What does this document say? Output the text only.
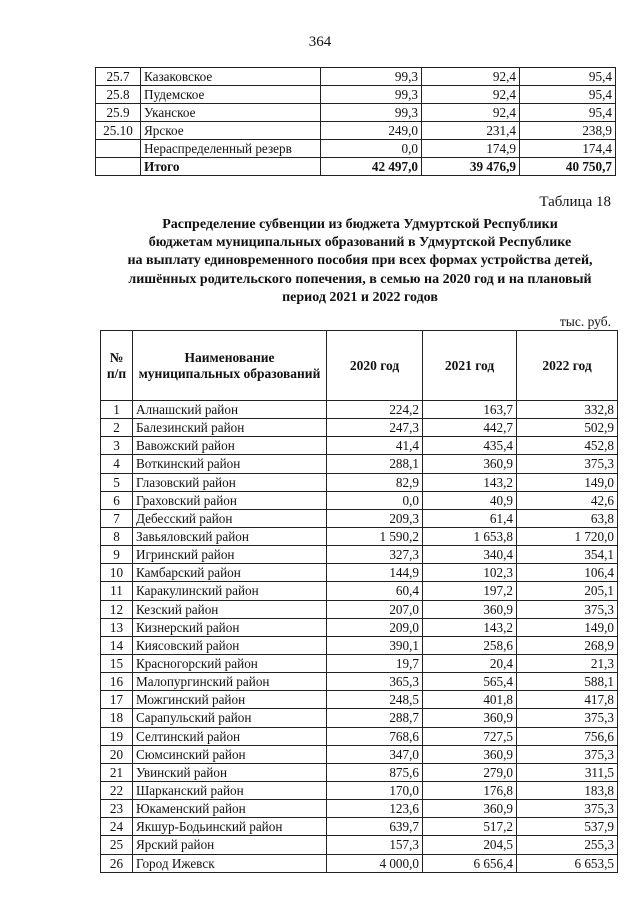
364
25.7	Казаковское	99,3	92,4	95,4
25.8	Пудемское	99,3	92,4	95,4
25.9	Уканское	99,3	92,4	95,4
25.10	Ярское	249,0	231,4	238,9
	Нераспределенный резерв	0,0	174,9	174,4
	Итого	42 497,0	39 476,9	40 750,7
Таблица 18
Распределение субвенции из бюджета Удмуртской Республики
бюджетам муниципальных образований в Удмуртской Республике
на выплату единовременного пособия при всех формах устройства детей,
лишённых родительского попечения, в семью на 2020 год и на плановый
период 2021 и 2022 годов
тыс. руб.
№ п/п	Наименование муниципальных образований	2020 год	2021 год	2022 год
1	Алнашский район	224,2	163,7	332,8
2	Балезинский район	247,3	442,7	502,9
3	Вавожский район	41,4	435,4	452,8
4	Воткинский район	288,1	360,9	375,3
5	Глазовский район	82,9	143,2	149,0
6	Граховский район	0,0	40,9	42,6
7	Дебесский район	209,3	61,4	63,8
8	Завьяловский район	1 590,2	1 653,8	1 720,0
9	Игринский район	327,3	340,4	354,1
10	Камбарский район	144,9	102,3	106,4
11	Каракулинский район	60,4	197,2	205,1
12	Кезский район	207,0	360,9	375,3
13	Кизнерский район	209,0	143,2	149,0
14	Киясовский район	390,1	258,6	268,9
15	Красногорский район	19,7	20,4	21,3
16	Малопургинский район	365,3	565,4	588,1
17	Можгинский район	248,5	401,8	417,8
18	Сарапульский район	288,7	360,9	375,3
19	Селтинский район	768,6	727,5	756,6
20	Сюмсинский район	347,0	360,9	375,3
21	Увинский район	875,6	279,0	311,5
22	Шарканский район	170,0	176,8	183,8
23	Юкаменский район	123,6	360,9	375,3
24	Якшур-Бодьинский район	639,7	517,2	537,9
25	Ярский район	157,3	204,5	255,3
26	Город Ижевск	4 000,0	6 656,4	6 653,5
